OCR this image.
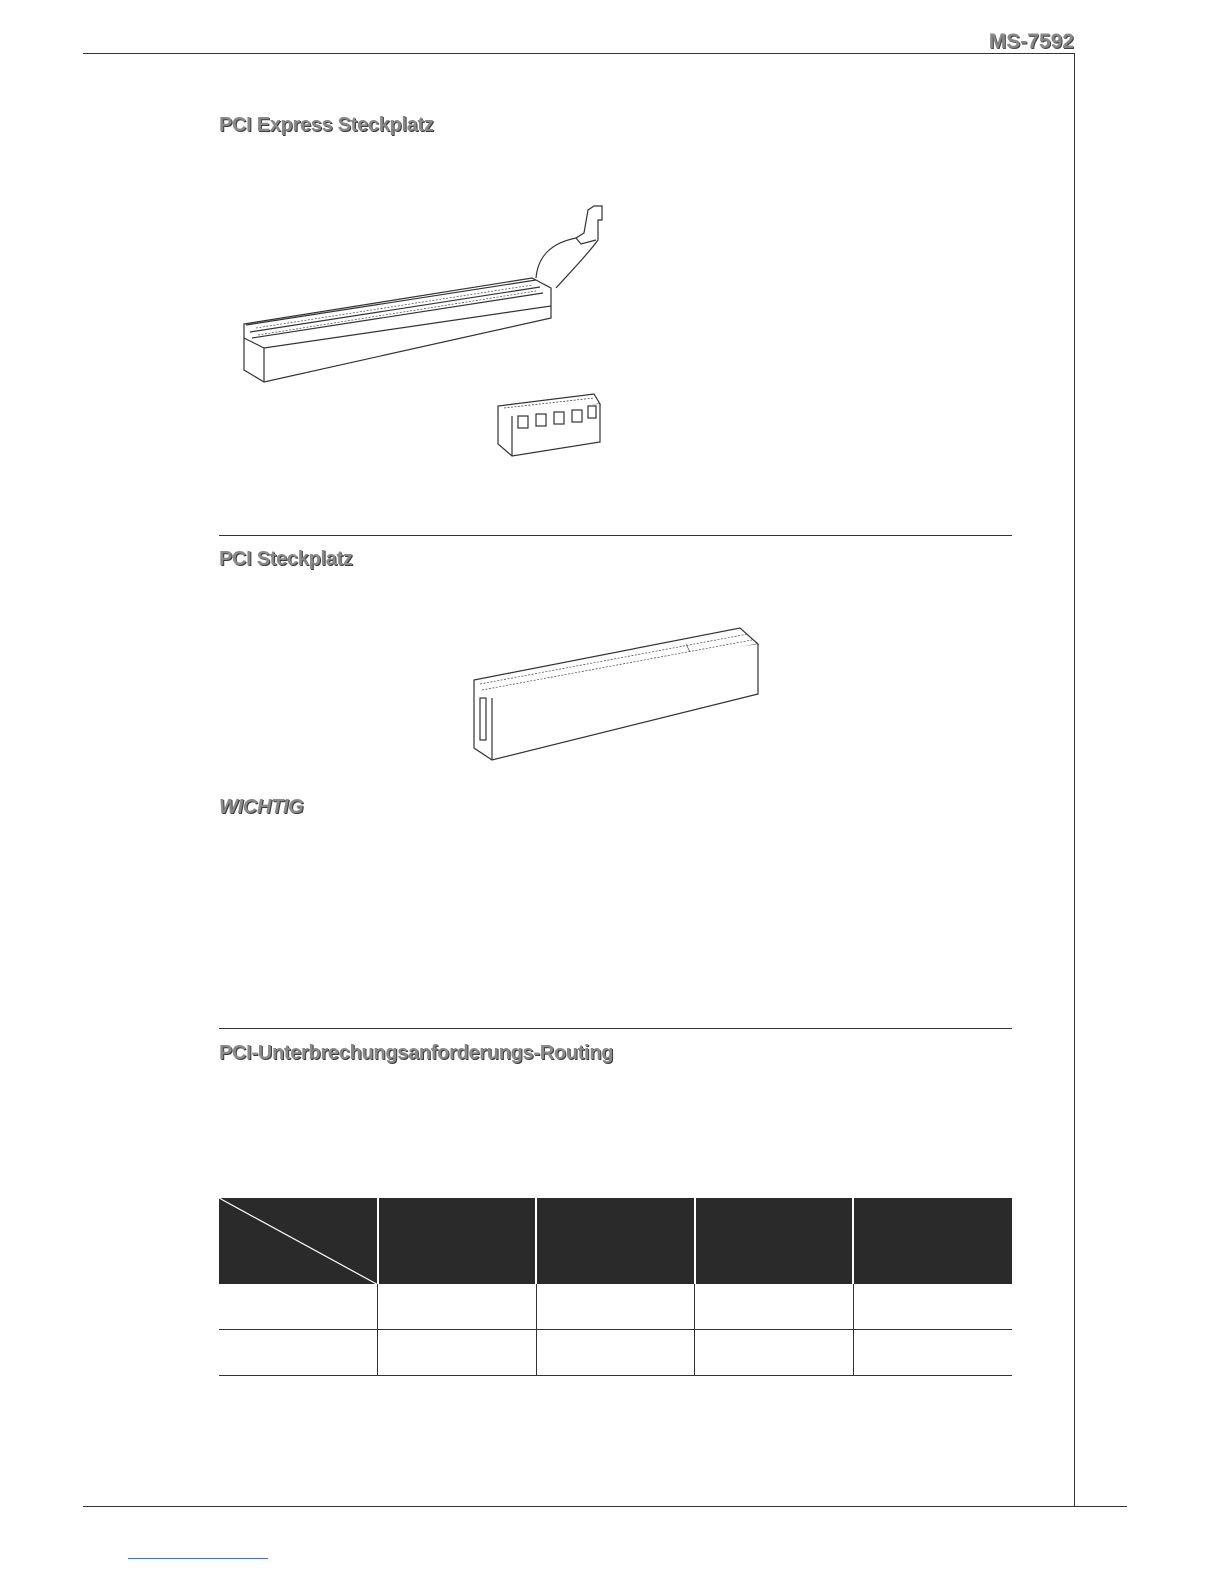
MS-7592
PCI Express Steckplatz
PCI Steckplatz
WICHTIG
PCI-Unterbrechungsanforderungs-Routing
